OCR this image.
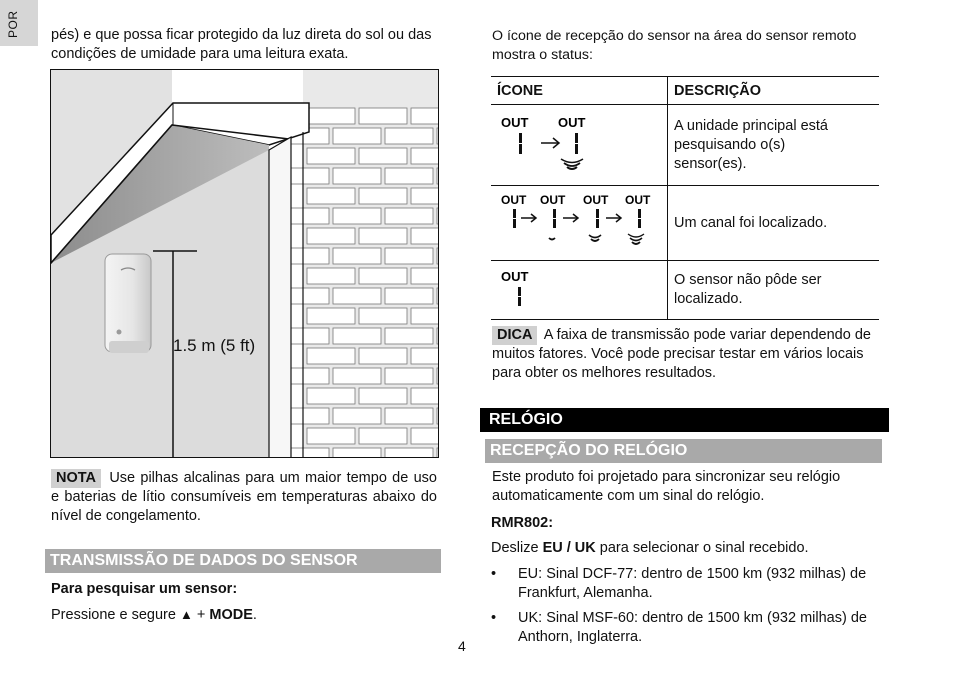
POR pés) e que possa ficar protegido da luz direta do sol ou das condições de umidade para uma leitura exata.
1.5 m (5 ft)
NOTA Use pilhas alcalinas para um maior tempo de uso e baterias de lítio consumíveis em temperaturas abaixo do nível de congelamento.
TRANSMISSÃO DE DADOS DO SENSOR
Para pesquisar um sensor:
Pressione e segure ▲ + MODE.
O ícone de recepção do sensor na área do sensor remoto mostra o status:
ÍCONE	DESCRIÇÃO

OUT OUT	A unidade principal está pesquisando o(s) sensor(es).

OUT OUT OUT OUT	Um canal foi localizado.

OUT	O sensor não pôde ser localizado.
DICA A faixa de transmissão pode variar dependendo de muitos fatores. Você pode precisar testar em vários locais para obter os melhores resultados.
RELÓGIO
RECEPÇÃO DO RELÓGIO
Este produto foi projetado para sincronizar seu relógio automaticamente com um sinal do relógio.
RMR802:
Deslize EU / UK para selecionar o sinal recebido.
• EU: Sinal DCF-77: dentro de 1500 km (932 milhas) de Frankfurt, Alemanha.
• UK: Sinal MSF-60: dentro de 1500 km (932 milhas) de Anthorn, Inglaterra.
4
